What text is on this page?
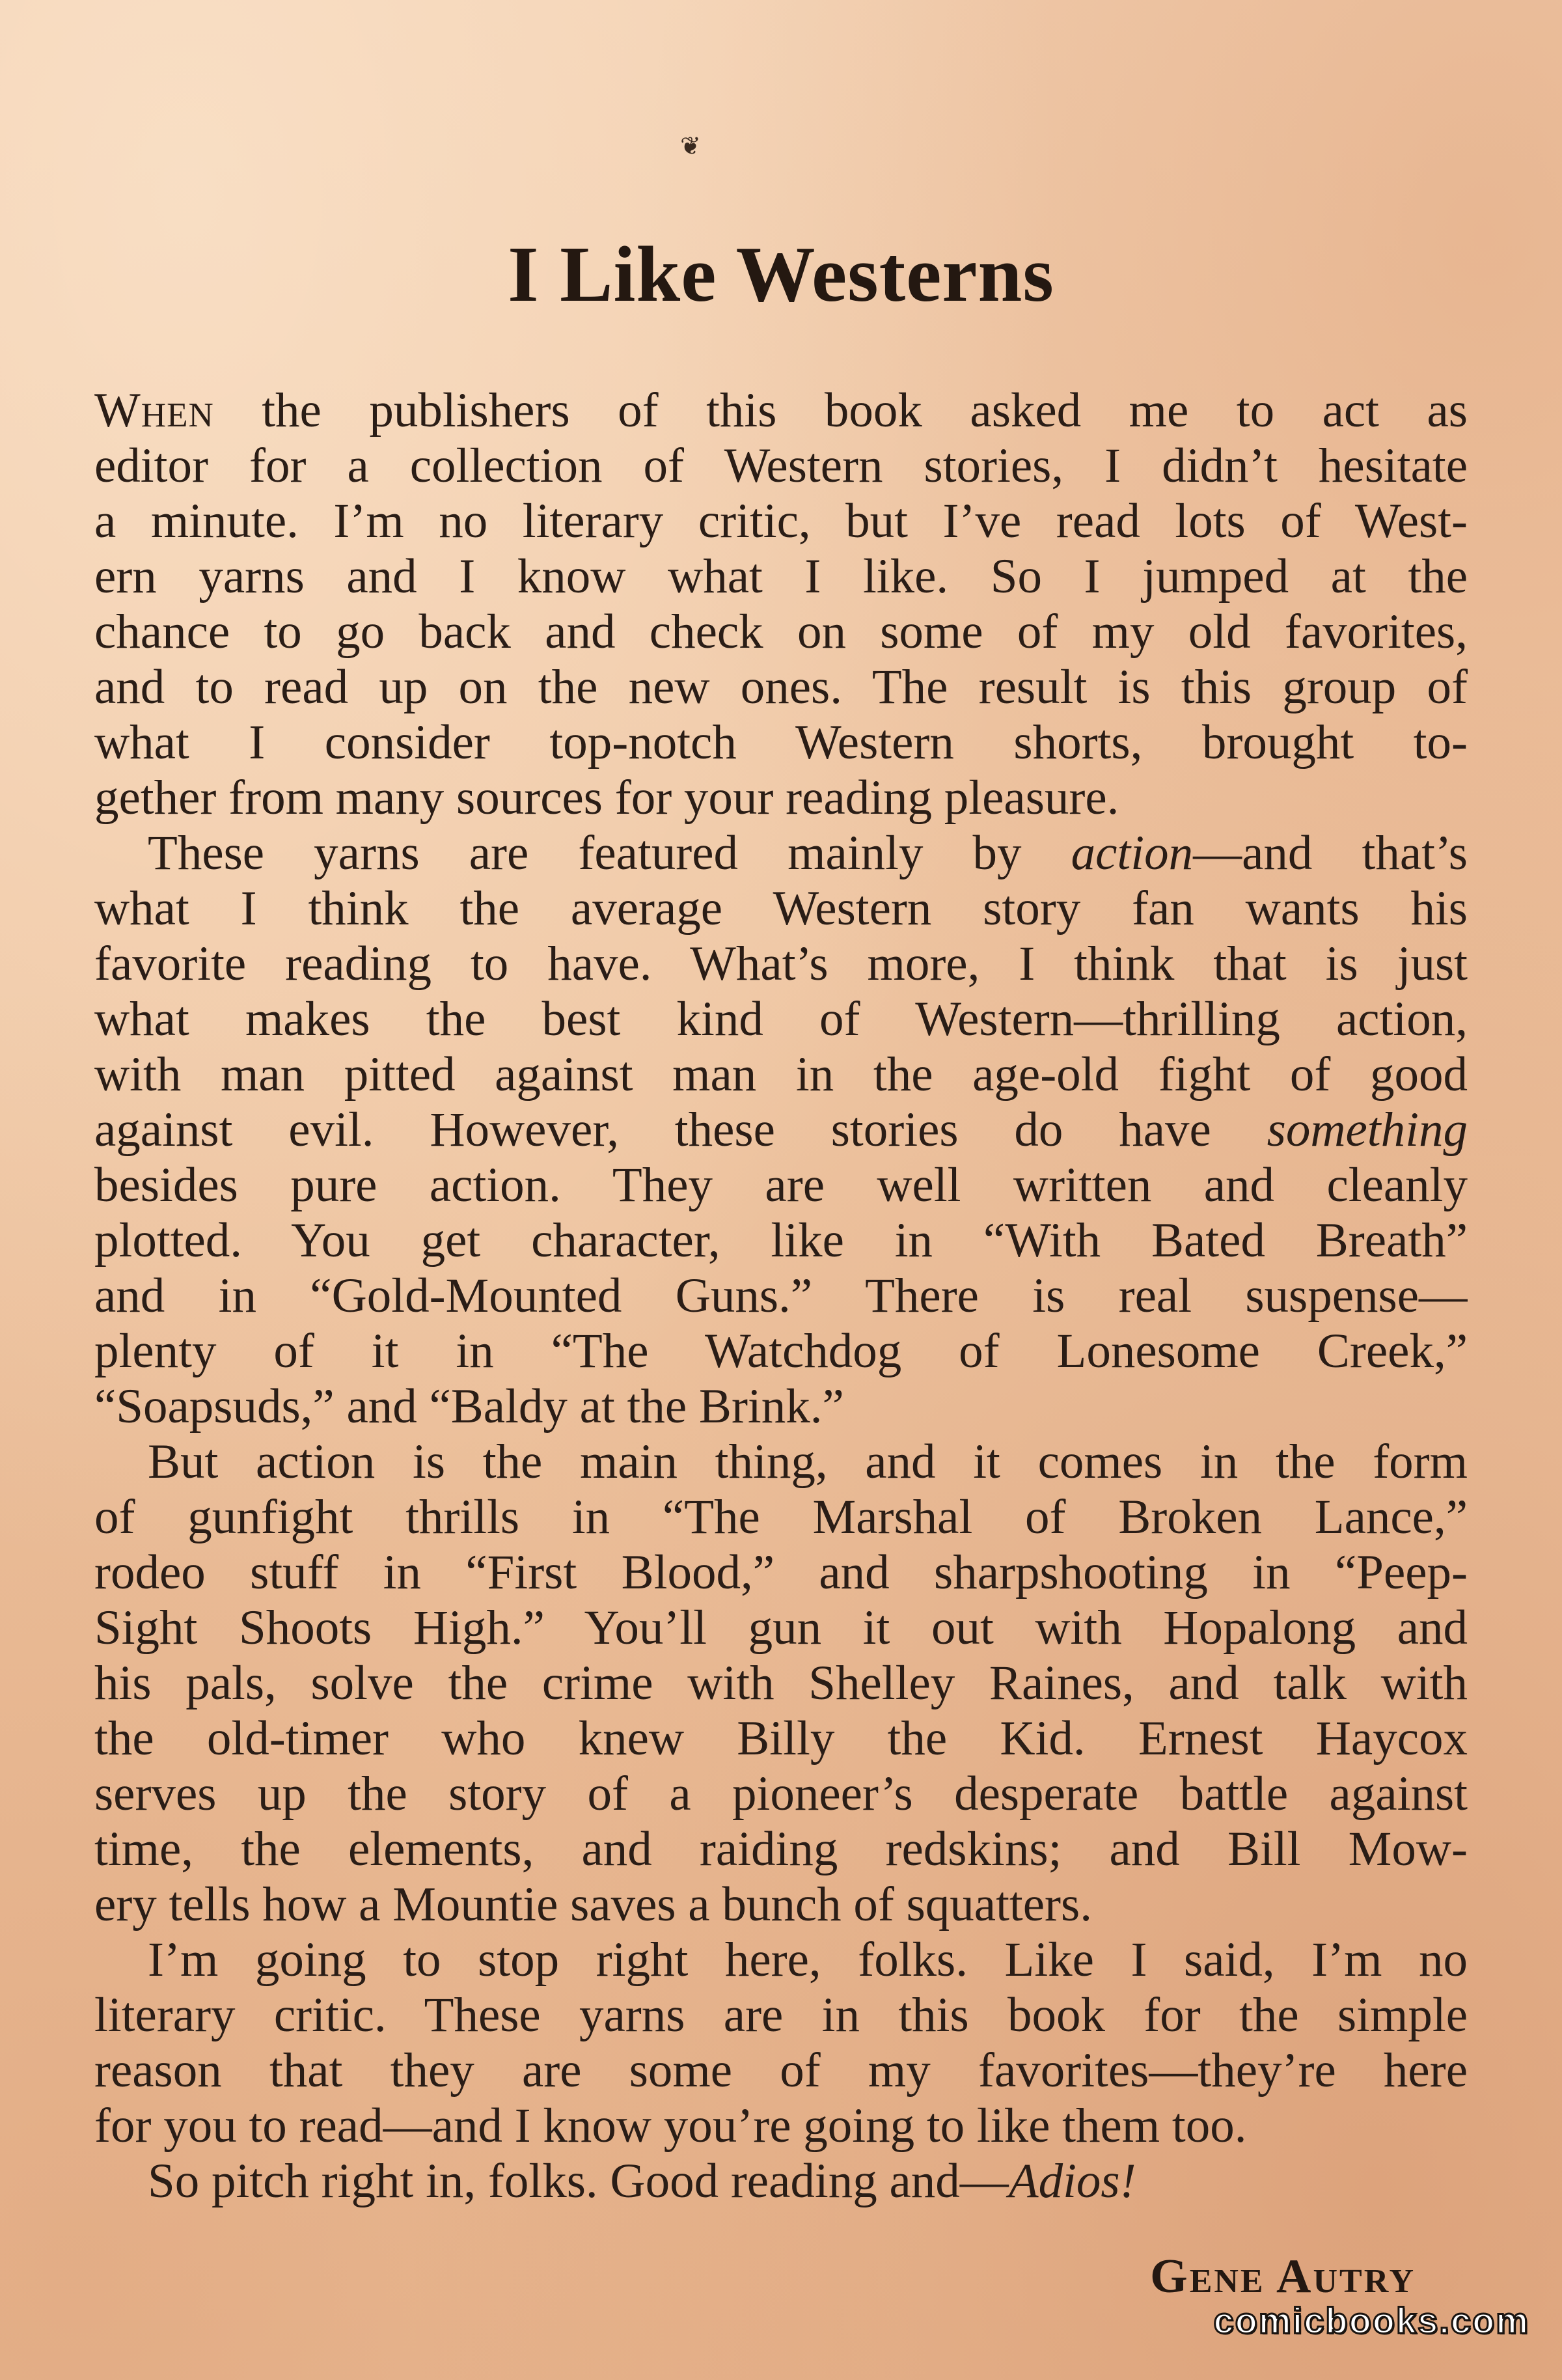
❦
I Like Westerns
When the publishers of this book asked me to act as
editor for a collection of Western stories, I didn’t hesitate
a minute. I’m no literary critic, but I’ve read lots of West-
ern yarns and I know what I like. So I jumped at the
chance to go back and check on some of my old favorites,
and to read up on the new ones. The result is this group of
what I consider top-notch Western shorts, brought to-
gether from many sources for your reading pleasure.
These yarns are featured mainly by action—and that’s
what I think the average Western story fan wants his
favorite reading to have. What’s more, I think that is just
what makes the best kind of Western—thrilling action,
with man pitted against man in the age-old fight of good
against evil. However, these stories do have something
besides pure action. They are well written and cleanly
plotted. You get character, like in “With Bated Breath”
and in “Gold-Mounted Guns.” There is real suspense—
plenty of it in “The Watchdog of Lonesome Creek,”
“Soapsuds,” and “Baldy at the Brink.”
But action is the main thing, and it comes in the form
of gunfight thrills in “The Marshal of Broken Lance,”
rodeo stuff in “First Blood,” and sharpshooting in “Peep-
Sight Shoots High.” You’ll gun it out with Hopalong and
his pals, solve the crime with Shelley Raines, and talk with
the old-timer who knew Billy the Kid. Ernest Haycox
serves up the story of a pioneer’s desperate battle against
time, the elements, and raiding redskins; and Bill Mow-
ery tells how a Mountie saves a bunch of squatters.
I’m going to stop right here, folks. Like I said, I’m no
literary critic. These yarns are in this book for the simple
reason that they are some of my favorites—they’re here
for you to read—and I know you’re going to like them too.
So pitch right in, folks. Good reading and—Adios!
Gene Autry
comicbooks.com
